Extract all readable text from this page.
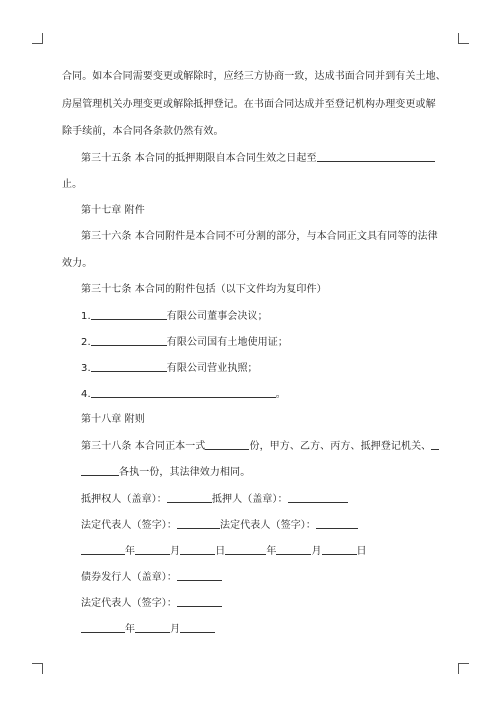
合同。如本合同需要变更或解除时，应经三方协商一致，达成书面合同并到有关土地、

房屋管理机关办理变更或解除抵押登记。在书面合同达成并至登记机构办理变更或解

除手续前，本合同各条款仍然有效。

第三十五条 本合同的抵押期限自本合同生效之日起至

止。

第十七章 附件

第三十六条 本合同附件是本合同不可分割的部分，与本合同正文具有同等的法律

效力。

第三十七条 本合同的附件包括（以下文件均为复印件）

1.	有限公司董事会决议；

2.	有限公司国有土地使用证；

3.	有限公司营业执照；

4.	。

第十八章 附则

第三十八条 本合同正本一式	份，甲方、乙方、丙方、抵押登记机关、

各执一份，其法律效力相同。

抵押权人（盖章）：	抵押人（盖章）：

法定代表人（签字）：	法定代表人（签字）：

年	月	日	年	月	日

债券发行人（盖章）：

法定代表人（签字）：

年	月
